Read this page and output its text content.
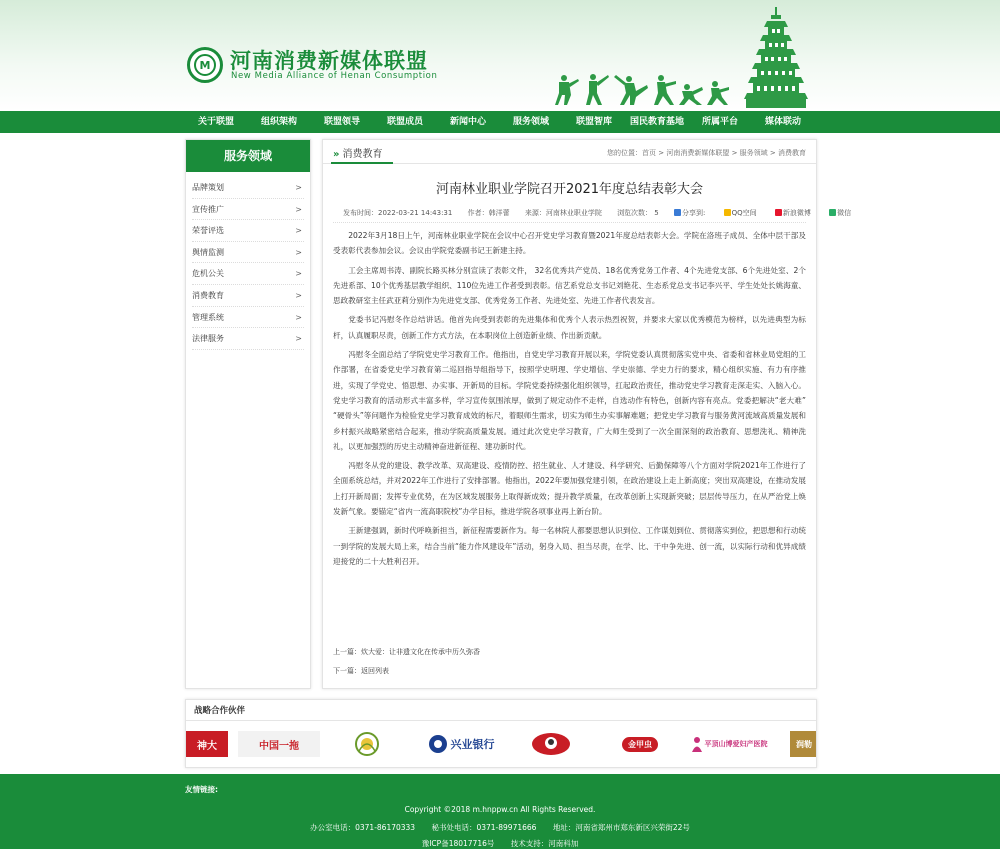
M 河南消费新媒体联盟
New Media Alliance of Henan Consumption
关于联盟	组织架构	联盟领导	联盟成员	新闻中心	服务领域	联盟智库 国民教育基地 所属平台	媒体联动
服务领域
品牌策划	>
宣传推广	>
荣誉评选	>
舆情监测	>
危机公关	>
消费教育	>
管理系统	>
法律服务	>
» 消费教育	您的位置：首页 > 河南消费新媒体联盟 > 服务领域 > 消费教育
河南林业职业学院召开2021年度总结表彰大会
发布时间：2022-03-21 14:43:31 作者：韩洋蕾 来源：河南林业职业学院 浏览次数： 5	分享到:	QQ空间	新浪微博	微信

2022年3月18日上午，河南林业职业学院在会议中心召开党史学习教育暨2021年度总结表彰大会。学院在洛班子成员、全体中层干部及受表彰代表参加会议。会议由学院党委副书记王新建主持。

工会主席周书涛、副院长路买林分别宣读了表彰文件， 32名优秀共产党员、18名优秀党务工作者、4个先进党支部、6个先进处室、2个先进系部、10个优秀基层教学组织、110位先进工作者受到表彰。信艺系党总支书记刘艳花、生态系党总支书记李兴平、学生处处长姚海童、思政教研室主任武亚莉分别作为先进党支部、优秀党务工作者、先进处室、先进工作者代表发言。

党委书记冯慰冬作总结讲话。他首先向受到表彰的先进集体和优秀个人表示热烈祝贺，并要求大家以优秀模范为榜样，以先进典型为标杆，认真履职尽责，创新工作方式方法，在本职岗位上创造新业绩、作出新贡献。

冯慰冬全面总结了学院党史学习教育工作。他指出，自党史学习教育开展以来，学院党委认真贯彻落实党中央、省委和省林业局党组的工作部署，在省委党史学习教育第二巡回指导组指导下，按照学史明理、学史增信、学史崇德、学史力行的要求，精心组织实施、有力有序推进，实现了学党史、悟思想、办实事、开新局的目标。学院党委持续强化组织领导，扛起政治责任，推动党史学习教育走深走实、入脑入心。党史学习教育的活动形式丰富多样，学习宣传氛围浓厚，做到了规定动作不走样，自选动作有特色，创新内容有亮点。党委把解决“老大难” “硬骨头”等问题作为检验党史学习教育成效的标尺，着眼师生需求，切实为师生办实事解难题；把党史学习教育与服务黄河流域高质量发展和乡村振兴战略紧密结合起来，推动学院高质量发展。通过此次党史学习教育，广大师生受到了一次全面深刻的政治教育、思想洗礼、精神洗礼，以更加强烈的历史主动精神奋进新征程、建功新时代。

冯慰冬从党的建设、教学改革、双高建设、疫情防控、招生就业、人才建设、科学研究、后勤保障等八个方面对学院2021年工作进行了全面系统总结，并对2022年工作进行了安排部署。他指出，2022年要加强党建引领，在政治建设上走上新高度；突出双高建设，在推动发展上打开新局面；发挥专业优势，在为区域发展服务上取得新成效；提升教学质量，在改革创新上实现新突破；层层传导压力，在从严治党上焕发新气象。要锚定“省内一流高职院校”办学目标，推进学院各项事业再上新台阶。

王新建强调，新时代呼唤新担当，新征程需要新作为。每一名林院人都要思想认识到位、工作谋划到位、贯彻落实到位，把思想和行动统一到学院的发展大局上来，结合当前“能力作风建设年”活动，躬身入局、担当尽责，在学、比、干中争先进、创一流，以实际行动和优异成绩迎接党的二十大胜利召开。

上一篇：炊大爱：让非遗文化在传承中历久弥香
下一篇：返回列表
战略合作伙伴
神大	中国一拖	兴业银行	金甲虫	平顶山博爱妇产医院	润勒
友情链接:
Copyright ©2018 m.hnppw.cn All Rights Reserved.
办公室电话：0371-86170333 秘书处电话：0371-89971666 地址：河南省郑州市郑东新区兴荣街22号
豫ICP备18017716号 技术支持：河南科加
